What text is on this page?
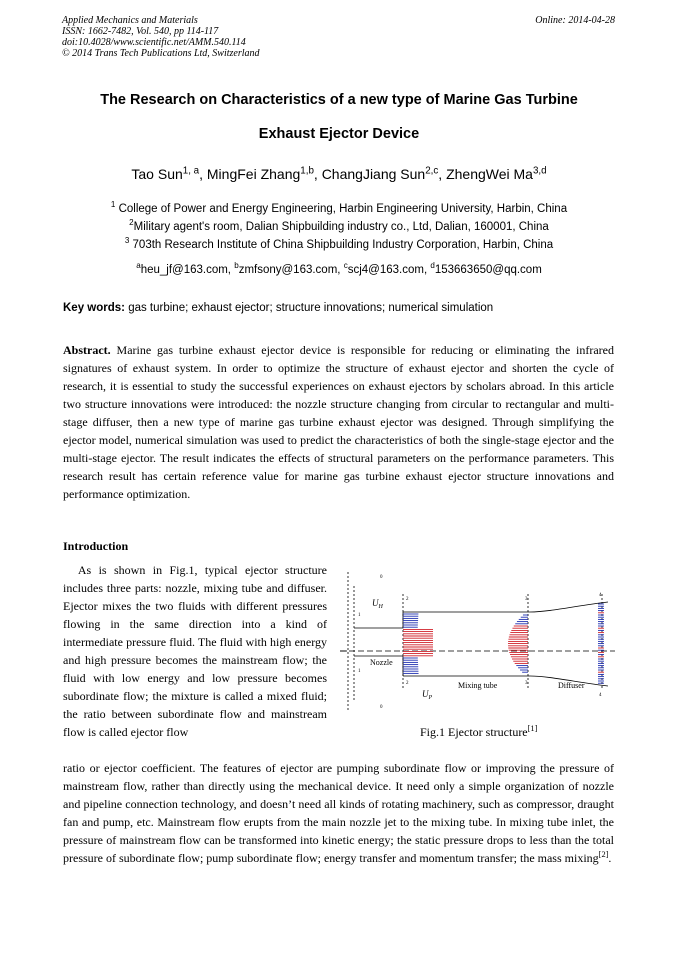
Applied Mechanics and Materials	Online: 2014-04-28
ISSN: 1662-7482, Vol. 540, pp 114-117
doi:10.4028/www.scientific.net/AMM.540.114
© 2014 Trans Tech Publications Ltd, Switzerland
The Research on Characteristics of a new type of Marine Gas Turbine
Exhaust Ejector Device
Tao Sun$^{1, a}$, MingFei Zhang$^{1,b}$, ChangJiang Sun$^{2,c}$, ZhengWei Ma$^{3,d}$
$^1$ College of Power and Energy Engineering, Harbin Engineering University, Harbin, China
$^2$Military agent's room, Dalian Shipbuilding industry co., Ltd, Dalian, 160001, China
$^3$ 703th Research Institute of China Shipbuilding Industry Corporation, Harbin, China
$^a$heu_jf@163.com, $^b$zmfsony@163.com, $^c$scj4@163.com, $^d$153663650@qq.com
Key words: gas turbine; exhaust ejector; structure innovations; numerical simulation
Abstract. Marine gas turbine exhaust ejector device is responsible for reducing or eliminating the infrared signatures of exhaust system. In order to optimize the structure of exhaust ejector and shorten the cycle of research, it is essential to study the successful experiences on exhaust ejectors by scholars abroad. In this article two structure innovations were introduced: the nozzle structure changing from circular to rectangular and multi-stage diffuser, then a new type of marine gas turbine exhaust ejector was designed. Through simplifying the ejector model, numerical simulation was used to predict the characteristics of both the single-stage ejector and the multi-stage ejector. The result indicates the effects of structural parameters on the performance parameters. This research result has certain reference value for marine gas turbine exhaust ejector structure innovations and performance optimization.
Introduction
As is shown in Fig.1, typical ejector structure includes three parts: nozzle, mixing tube and diffuser. Ejector mixes the two fluids with different pressures flowing in the same direction into a kind of intermediate pressure fluid. The fluid with high energy and high pressure becomes the mainstream flow; the fluid with low energy and low pressure becomes subordinate flow; the mixture is called a mixed fluid; the ratio between subordinate flow and mainstream flow is called ejector flow
Nozzle
Mixing tube	Diffuser
$U_H$
$U_P$
0
0
1
1
2
2
3
3
4
4
Fig.1 Ejector structure[1]
ratio or ejector coefficient. The features of ejector are pumping subordinate flow or improving the pressure of mainstream flow, rather than directly using the mechanical device. It need only a simple organization of nozzle and pipeline connection technology, and doesn’t need all kinds of rotating machinery, such as compressor, draught fan and pump, etc. Mainstream flow erupts from the main nozzle jet to the mixing tube. In mixing tube inlet, the pressure of mainstream flow can be transformed into kinetic energy; the static pressure drops to less than the total pressure of subordinate flow; pump subordinate flow; energy transfer and momentum transfer; the mass mixing[2].
